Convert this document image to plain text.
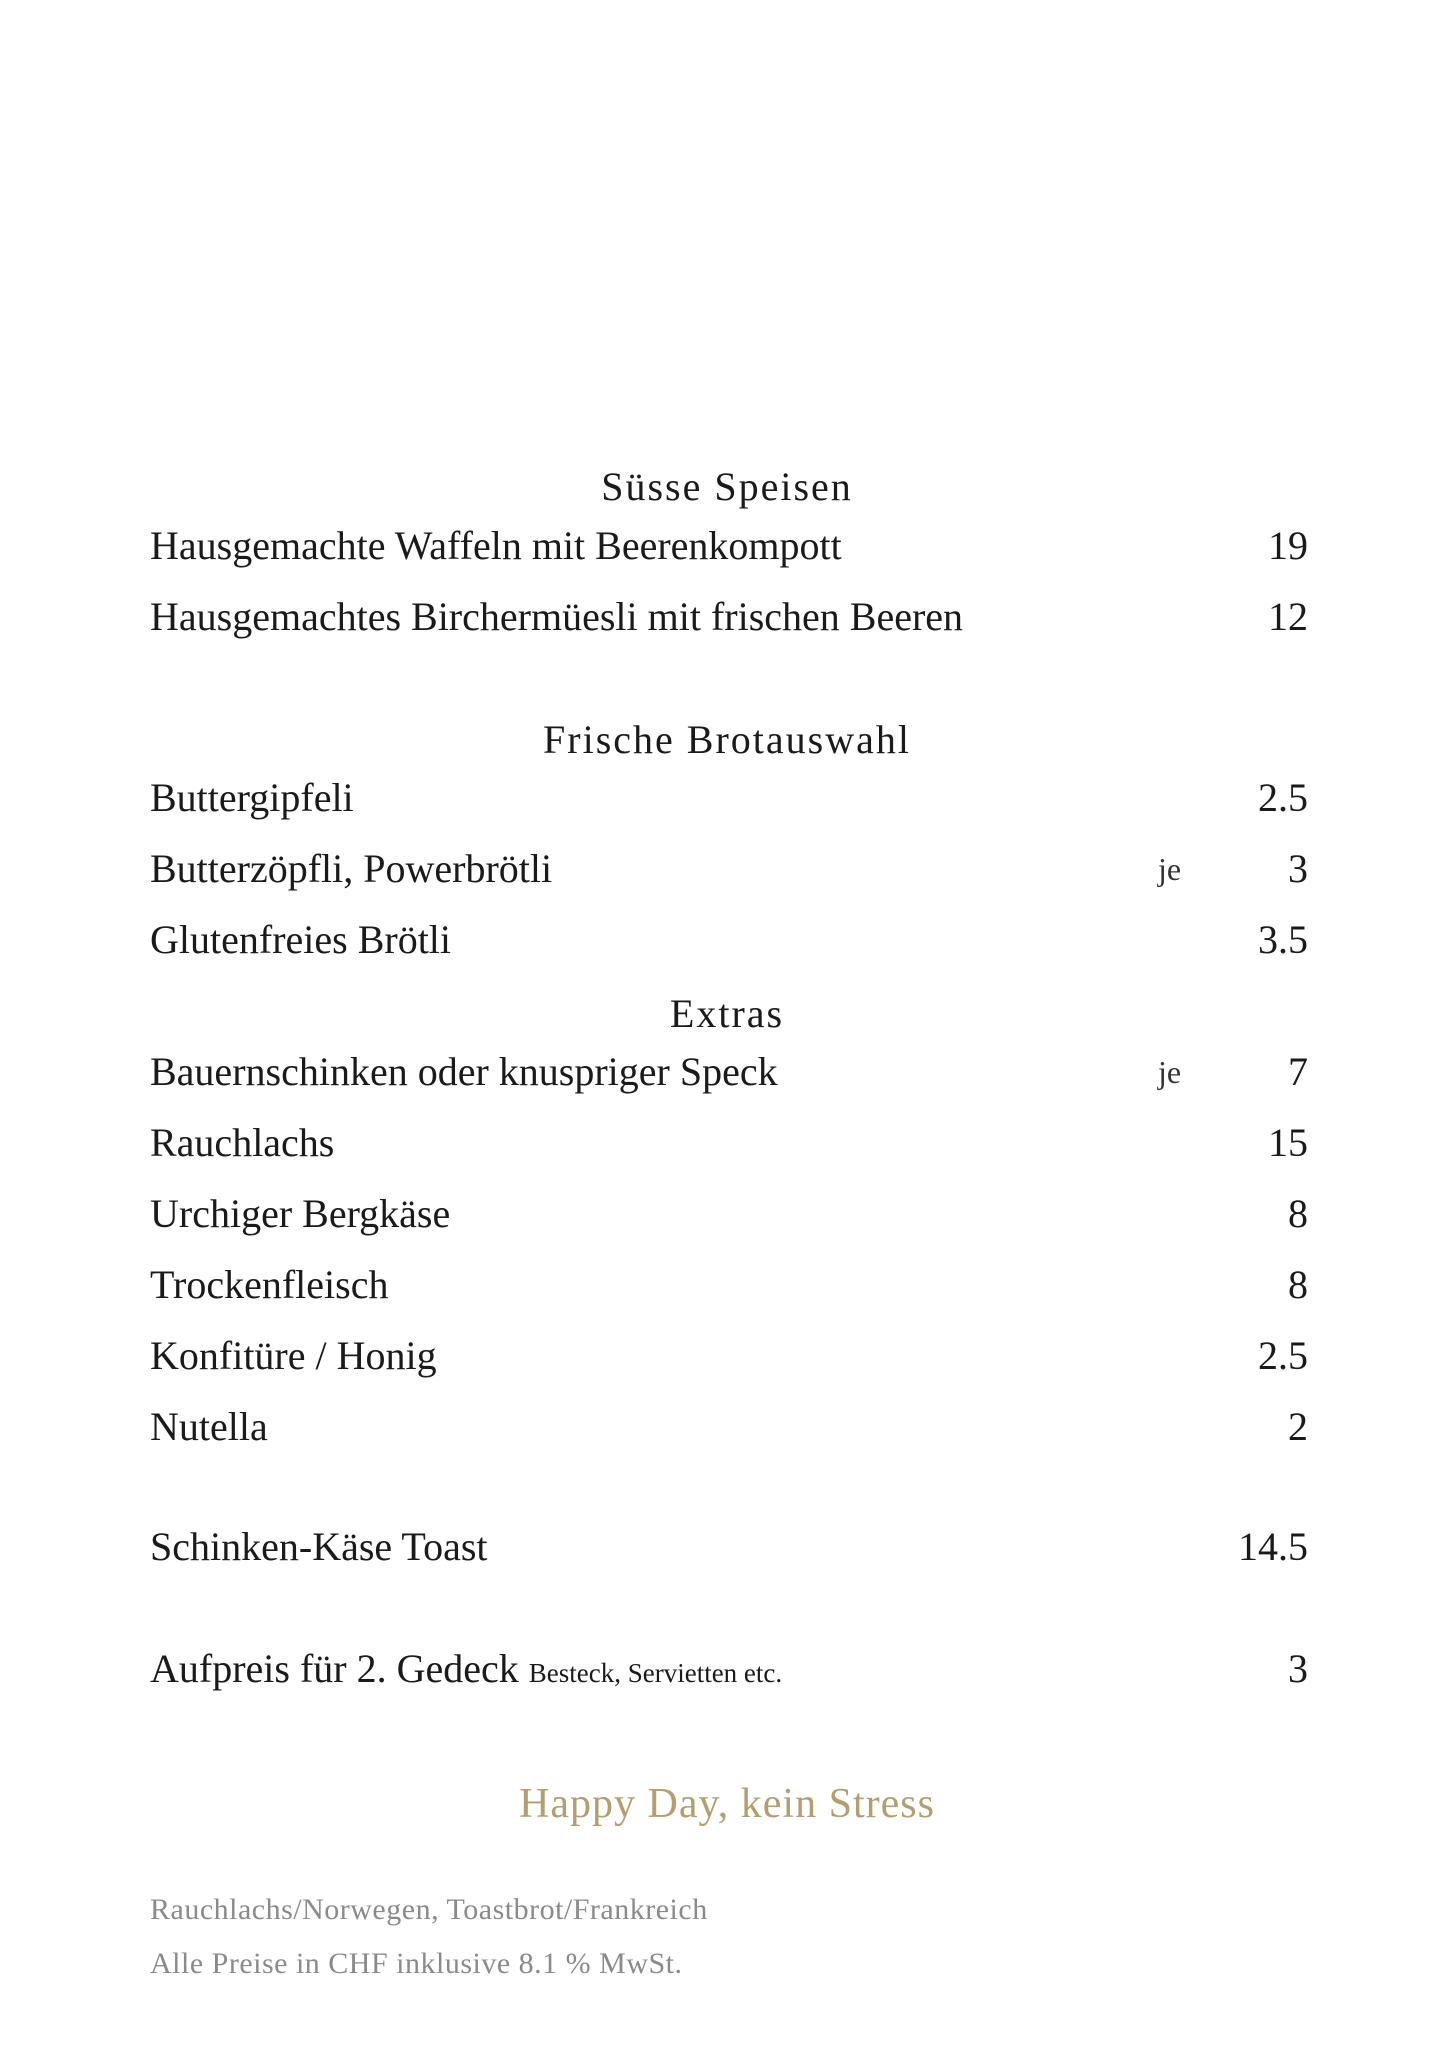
Süsse Speisen
Hausgemachte Waffeln mit Beerenkompott	19
Hausgemachtes Birchermüesli mit frischen Beeren	12
Frische Brotauswahl
Buttergipfeli	2.5
Butterzöpfli, Powerbrötli	je	3
Glutenfreies Brötli	3.5
Extras
Bauernschinken oder knuspriger Speck	je	7
Rauchlachs	15
Urchiger Bergkäse	8
Trockenfleisch	8
Konfitüre / Honig	2.5
Nutella	2
Schinken-Käse Toast	14.5
Aufpreis für 2. Gedeck Besteck, Servietten etc.	3
Happy Day, kein Stress
Rauchlachs/Norwegen, Toastbrot/Frankreich
Alle Preise in CHF inklusive 8.1 % MwSt.
